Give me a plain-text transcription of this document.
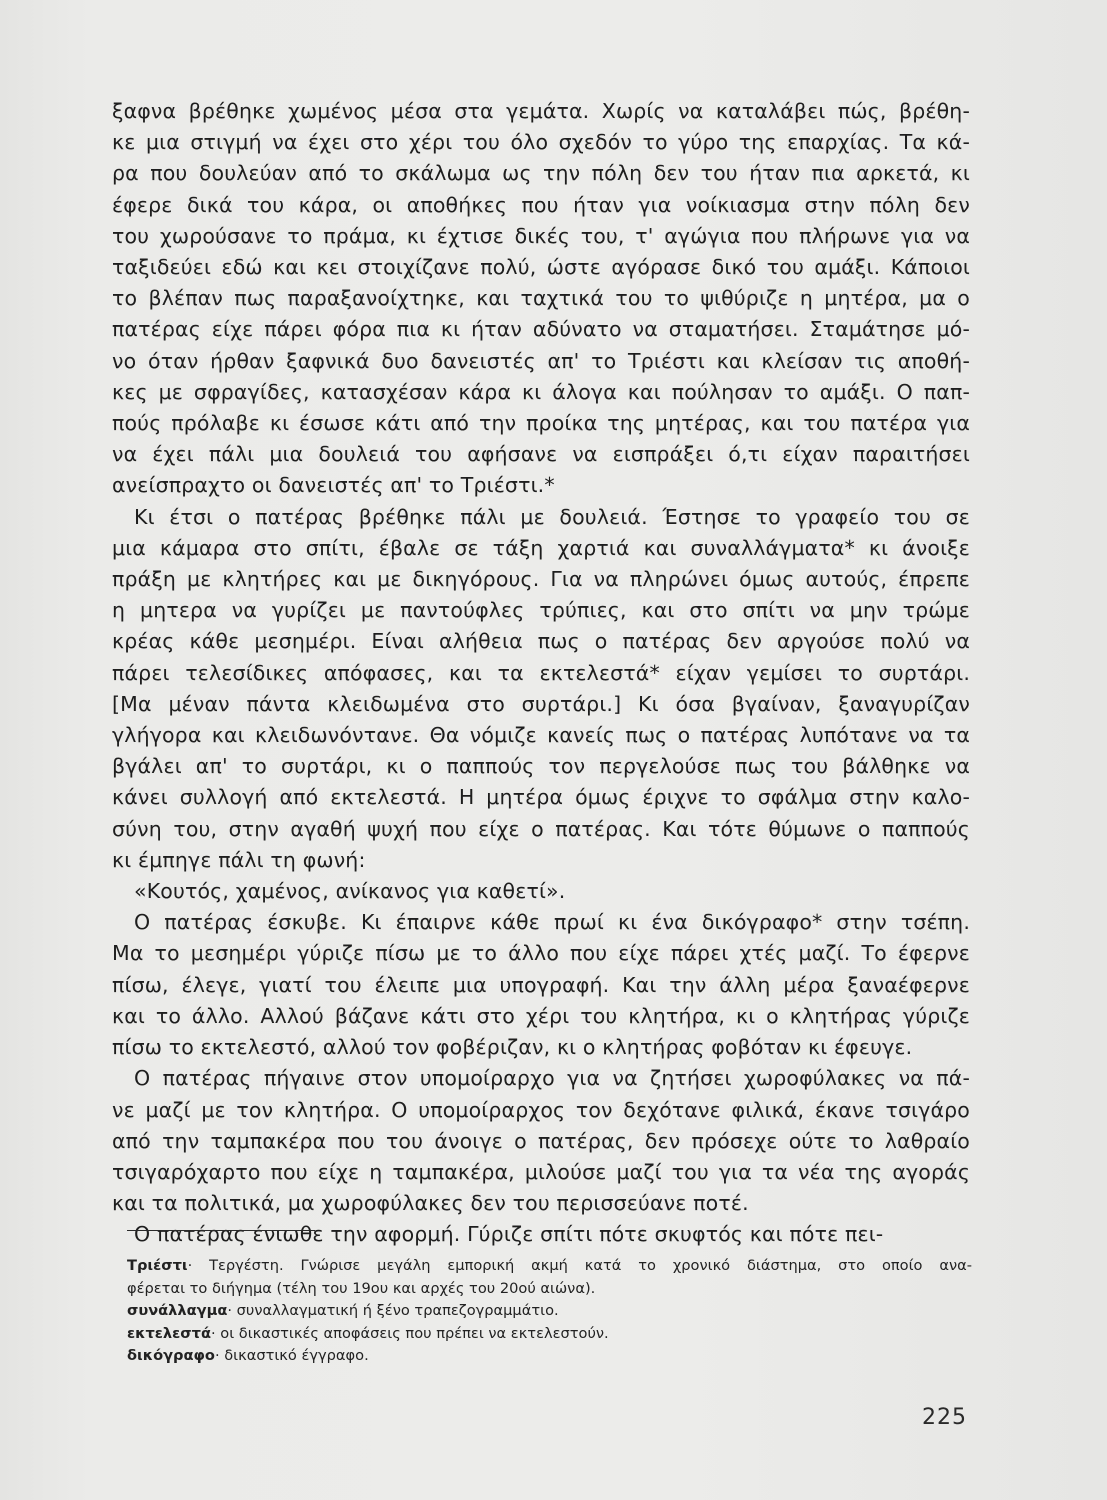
ξαφνα βρέθηκε χωμένος μέσα στα γεμάτα. Χωρίς να καταλάβει πώς, βρέθη-
κε μια στιγμή να έχει στο χέρι του όλο σχεδόν το γύρο της επαρχίας. Τα κά-
ρα που δουλεύαν από το σκάλωμα ως την πόλη δεν του ήταν πια αρκετά, κι
έφερε δικά του κάρα, οι αποθήκες που ήταν για νοίκιασμα στην πόλη δεν
του χωρούσανε το πράμα, κι έχτισε δικές του, τ' αγώγια που πλήρωνε για να
ταξιδεύει εδώ και κει στοιχίζανε πολύ, ώστε αγόρασε δικό του αμάξι. Κάποιοι
το βλέπαν πως παραξανοίχτηκε, και ταχτικά του το ψιθύριζε η μητέρα, μα ο
πατέρας είχε πάρει φόρα πια κι ήταν αδύνατο να σταματήσει. Σταμάτησε μό-
νο όταν ήρθαν ξαφνικά δυο δανειστές απ' το Τριέστι και κλείσαν τις αποθή-
κες με σφραγίδες, κατασχέσαν κάρα κι άλογα και πούλησαν το αμάξι. Ο παπ-
πούς πρόλαβε κι έσωσε κάτι από την προίκα της μητέρας, και του πατέρα για
να έχει πάλι μια δουλειά του αφήσανε να εισπράξει ό,τι είχαν παραιτήσει
ανείσπραχτο οι δανειστές απ' το Τριέστι.*

Κι έτσι ο πατέρας βρέθηκε πάλι με δουλειά. Έστησε το γραφείο του σε
μια κάμαρα στο σπίτι, έβαλε σε τάξη χαρτιά και συναλλάγματα* κι άνοιξε
πράξη με κλητήρες και με δικηγόρους. Για να πληρώνει όμως αυτούς, έπρεπε
η μητερα να γυρίζει με παντούφλες τρύπιες, και στο σπίτι να μην τρώμε
κρέας κάθε μεσημέρι. Είναι αλήθεια πως ο πατέρας δεν αργούσε πολύ να
πάρει τελεσίδικες απόφασες, και τα εκτελεστά* είχαν γεμίσει το συρτάρι.
[Μα μέναν πάντα κλειδωμένα στο συρτάρι.] Κι όσα βγαίναν, ξαναγυρίζαν
γλήγορα και κλειδωνόντανε. Θα νόμιζε κανείς πως ο πατέρας λυπότανε να τα
βγάλει απ' το συρτάρι, κι ο παππούς τον περγελούσε πως του βάλθηκε να
κάνει συλλογή από εκτελεστά. Η μητέρα όμως έριχνε το σφάλμα στην καλο-
σύνη του, στην αγαθή ψυχή που είχε ο πατέρας. Και τότε θύμωνε ο παππούς
κι έμπηγε πάλι τη φωνή:

«Κουτός, χαμένος, ανίκανος για καθετί».

Ο πατέρας έσκυβε. Κι έπαιρνε κάθε πρωί κι ένα δικόγραφο* στην τσέπη.
Μα το μεσημέρι γύριζε πίσω με το άλλο που είχε πάρει χτές μαζί. Το έφερνε
πίσω, έλεγε, γιατί του έλειπε μια υπογραφή. Και την άλλη μέρα ξαναέφερνε
και το άλλο. Αλλού βάζανε κάτι στο χέρι του κλητήρα, κι ο κλητήρας γύριζε
πίσω το εκτελεστό, αλλού τον φοβέριζαν, κι ο κλητήρας φοβόταν κι έφευγε.

Ο πατέρας πήγαινε στον υπομοίραρχο για να ζητήσει χωροφύλακες να πά-
νε μαζί με τον κλητήρα. Ο υπομοίραρχος τον δεχότανε φιλικά, έκανε τσιγάρο
από την ταμπακέρα που του άνοιγε ο πατέρας, δεν πρόσεχε ούτε το λαθραίο
τσιγαρόχαρτο που είχε η ταμπακέρα, μιλούσε μαζί του για τα νέα της αγοράς
και τα πολιτικά, μα χωροφύλακες δεν του περισσεύανε ποτέ.

Ο πατέρας ένιωθε την αφορμή. Γύριζε σπίτι πότε σκυφτός και πότε πει-

Τριέστι· Τεργέστη. Γνώρισε μεγάλη εμπορική ακμή κατά το χρονικό διάστημα, στο οποίο ανα-
φέρεται το διήγημα (τέλη του 19ου και αρχές του 20ού αιώνα).
συνάλλαγμα· συναλλαγματική ή ξένο τραπεζογραμμάτιο.
εκτελεστά· οι δικαστικές αποφάσεις που πρέπει να εκτελεστούν.
δικόγραφο· δικαστικό έγγραφο.
225
